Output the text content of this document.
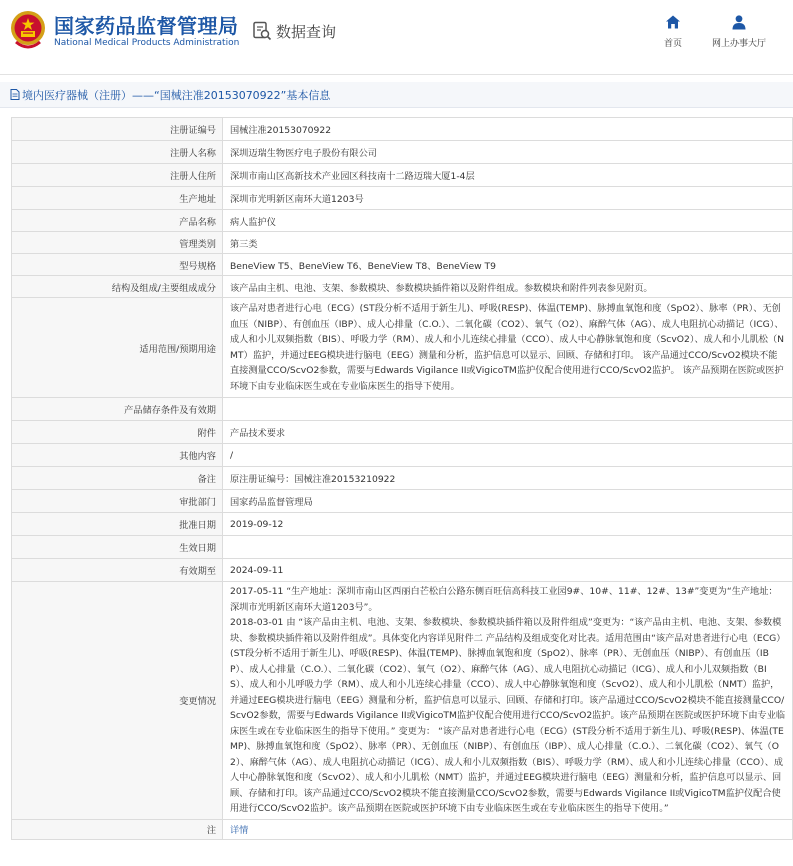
国家药品监督管理局
National Medical Products Administration
数据查询
首页	网上办事大厅
境内医疗器械（注册）——“国械注准20153070922”基本信息
注册证编号	国械注准20153070922
注册人名称	深圳迈瑞生物医疗电子股份有限公司
注册人住所	深圳市南山区高新技术产业园区科技南十二路迈瑞大厦1-4层
生产地址	深圳市光明新区南环大道1203号
产品名称	病人监护仪
管理类别	第三类
型号规格	BeneView T5、BeneView T6、BeneView T8、BeneView T9
结构及组成/主要组成成分	该产品由主机、电池、支架、参数模块、参数模块插件箱以及附件组成。参数模块和附件列表参见附页。
适用范围/预期用途	该产品对患者进行心电（ECG）(ST段分析不适用于新生儿)、呼吸(RESP)、体温(TEMP)、脉搏血氧饱和度（SpO2）、脉率（PR）、无创血压（NIBP）、有创血压（IBP）、成人心排量（C.O.）、二氧化碳（CO2）、氧气（O2）、麻醉气体（AG）、成人电阻抗心动描记（ICG）、成人和小儿双频指数（BIS）、呼吸力学（RM）、成人和小儿连续心排量（CCO）、成人中心静脉氧饱和度（ScvO2）、成人和小儿肌松（NMT）监护，并通过EEG模块进行脑电（EEG）测量和分析，监护信息可以显示、回顾、存储和打印。 该产品通过CCO/ScvO2模块不能直接测量CCO/ScvO2参数，需要与Edwards Vigilance II或VigicoTM监护仪配合使用进行CCO/ScvO2监护。 该产品预期在医院或医护环境下由专业临床医生或在专业临床医生的指导下使用。
产品储存条件及有效期	
附件	产品技术要求
其他内容	/
备注	原注册证编号：国械注准20153210922
审批部门	国家药品监督管理局
批准日期	2019-09-12
生效日期	
有效期至	2024-09-11
变更情况	2017-05-11 “生产地址：深圳市南山区西丽白芒松白公路东侧百旺信高科技工业园9#、10#、11#、12#、13#”变更为“生产地址：深圳市光明新区南环大道1203号”。
2018-03-01 由 “该产品由主机、电池、支架、参数模块、参数模块插件箱以及附件组成”变更为：“该产品由主机、电池、支架、参数模块、参数模块插件箱以及附件组成”。具体变化内容详见附件二 产品结构及组成变化对比表。适用范围由“该产品对患者进行心电（ECG）(ST段分析不适用于新生儿)、呼吸(RESP)、体温(TEMP)、脉搏血氧饱和度（SpO2）、脉率（PR）、无创血压（NIBP）、有创血压（IBP）、成人心排量（C.O.）、二氧化碳（CO2）、氧气（O2）、麻醉气体（AG）、成人电阻抗心动描记（ICG）、成人和小儿双频指数（BIS）、成人和小儿呼吸力学（RM）、成人和小儿连续心排量（CCO）、成人中心静脉氧饱和度（ScvO2）、成人和小儿肌松（NMT）监护，并通过EEG模块进行脑电（EEG）测量和分析，监护信息可以显示、回顾、存储和打印。该产品通过CCO/ScvO2模块不能直接测量CCO/ScvO2参数，需要与Edwards Vigilance II或VigicoTM监护仪配合使用进行CCO/ScvO2监护。该产品预期在医院或医护环境下由专业临床医生或在专业临床医生的指导下使用。” 变更为： “该产品对患者进行心电（ECG）(ST段分析不适用于新生儿)、呼吸(RESP)、体温(TEMP)、脉搏血氧饱和度（SpO2）、脉率（PR）、无创血压（NIBP）、有创血压（IBP）、成人心排量（C.O.）、二氧化碳（CO2）、氧气（O2）、麻醉气体（AG）、成人电阻抗心动描记（ICG）、成人和小儿双频指数（BIS）、呼吸力学（RM）、成人和小儿连续心排量（CCO）、成人中心静脉氧饱和度（ScvO2）、成人和小儿肌松（NMT）监护，并通过EEG模块进行脑电（EEG）测量和分析，监护信息可以显示、回顾、存储和打印。该产品通过CCO/ScvO2模块不能直接测量CCO/ScvO2参数，需要与Edwards Vigilance II或VigicoTM监护仪配合使用进行CCO/ScvO2监护。该产品预期在医院或医护环境下由专业临床医生或在专业临床医生的指导下使用。”

注	详情
